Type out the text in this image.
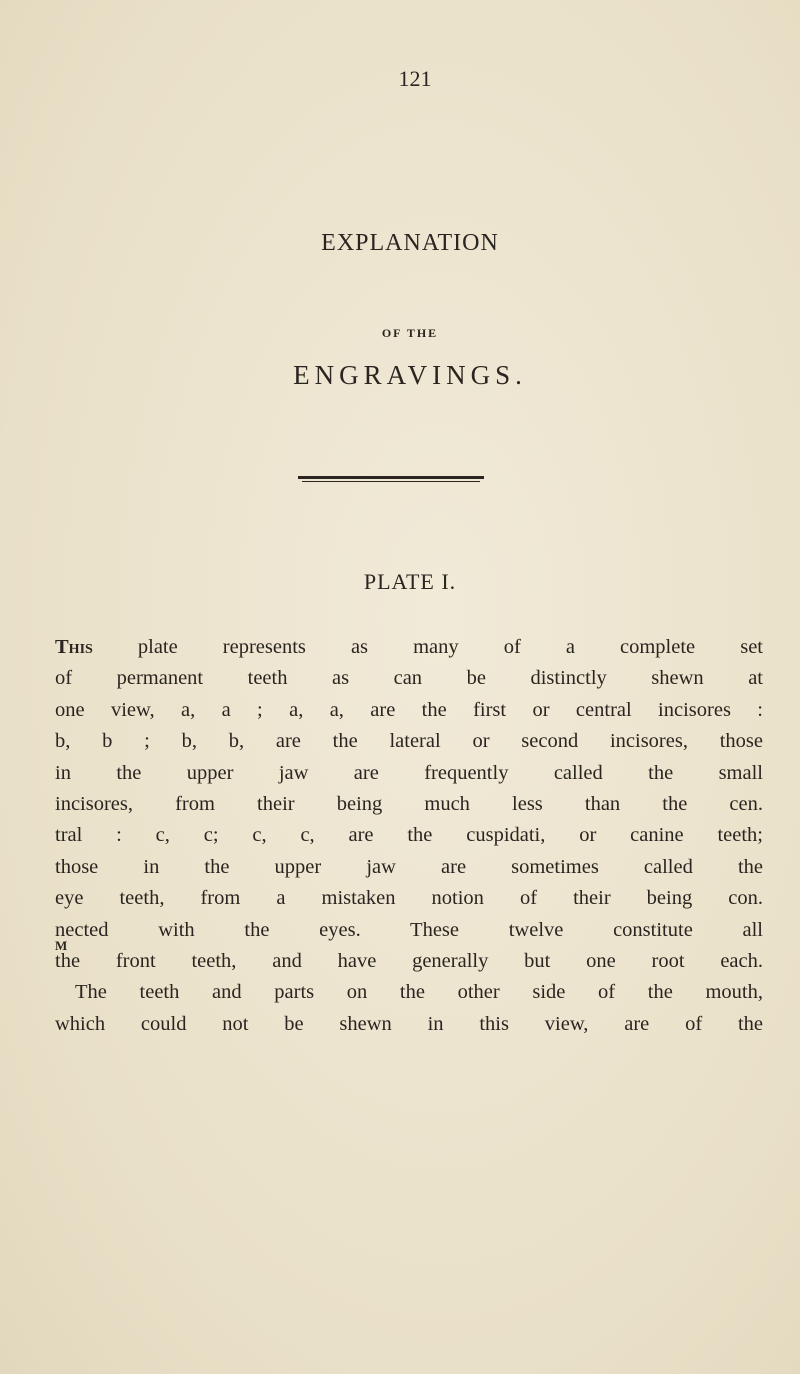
121
EXPLANATION
OF THE
ENGRAVINGS.
PLATE I.
This plate represents as many of a complete set
of permanent teeth as can be distinctly shewn at
one view, a, a ; a, a, are the first or central incisores :
b, b ; b, b, are the lateral or second incisores, those
in the upper jaw are frequently called the small
incisores, from their being much less than the cen.
tral : c, c; c, c, are the cuspidati, or canine teeth;
those in the upper jaw are sometimes called the
eye teeth, from a mistaken notion of their being con.
nected with the eyes. These twelve constitute all
the front teeth, and have generally but one root each.
The teeth and parts on the other side of the mouth,
which could not be shewn in this view, are of the
M
